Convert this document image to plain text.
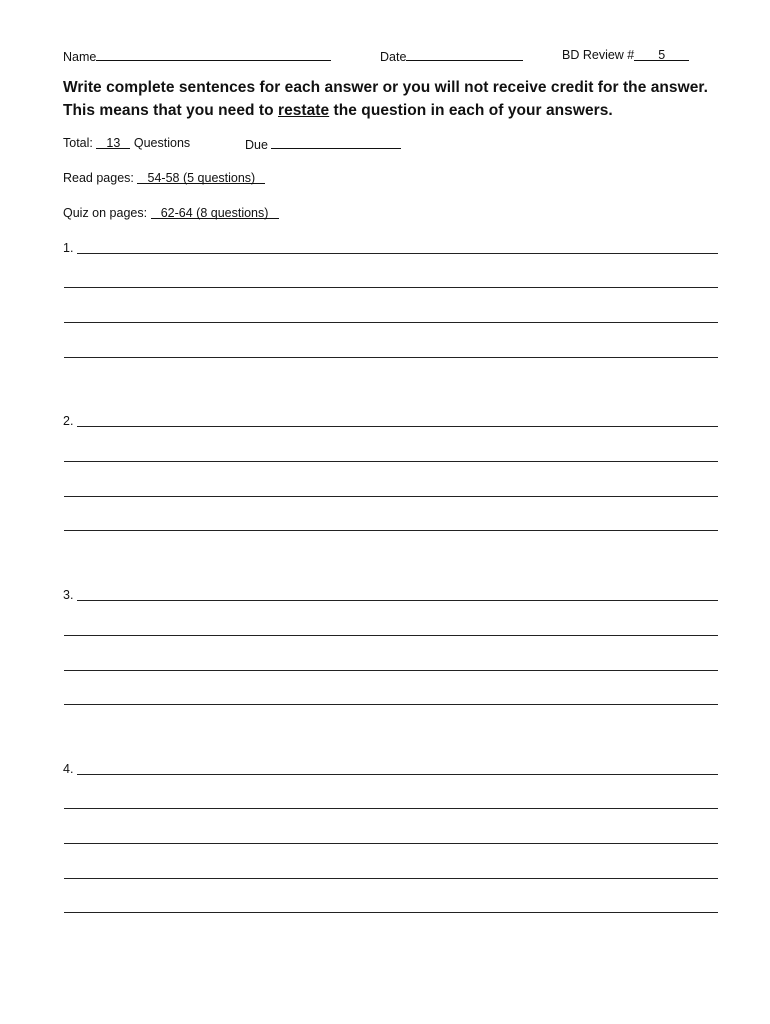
Name	Date	BD Review # 5
Write complete sentences for each answer or you will not receive credit for the answer.
This means that you need to restate the question in each of your answers.
Total: 13 Questions	Due
Read pages: 54-58 (5 questions)
Quiz on pages: 62-64 (8 questions)
1.
2.
3.
4.
